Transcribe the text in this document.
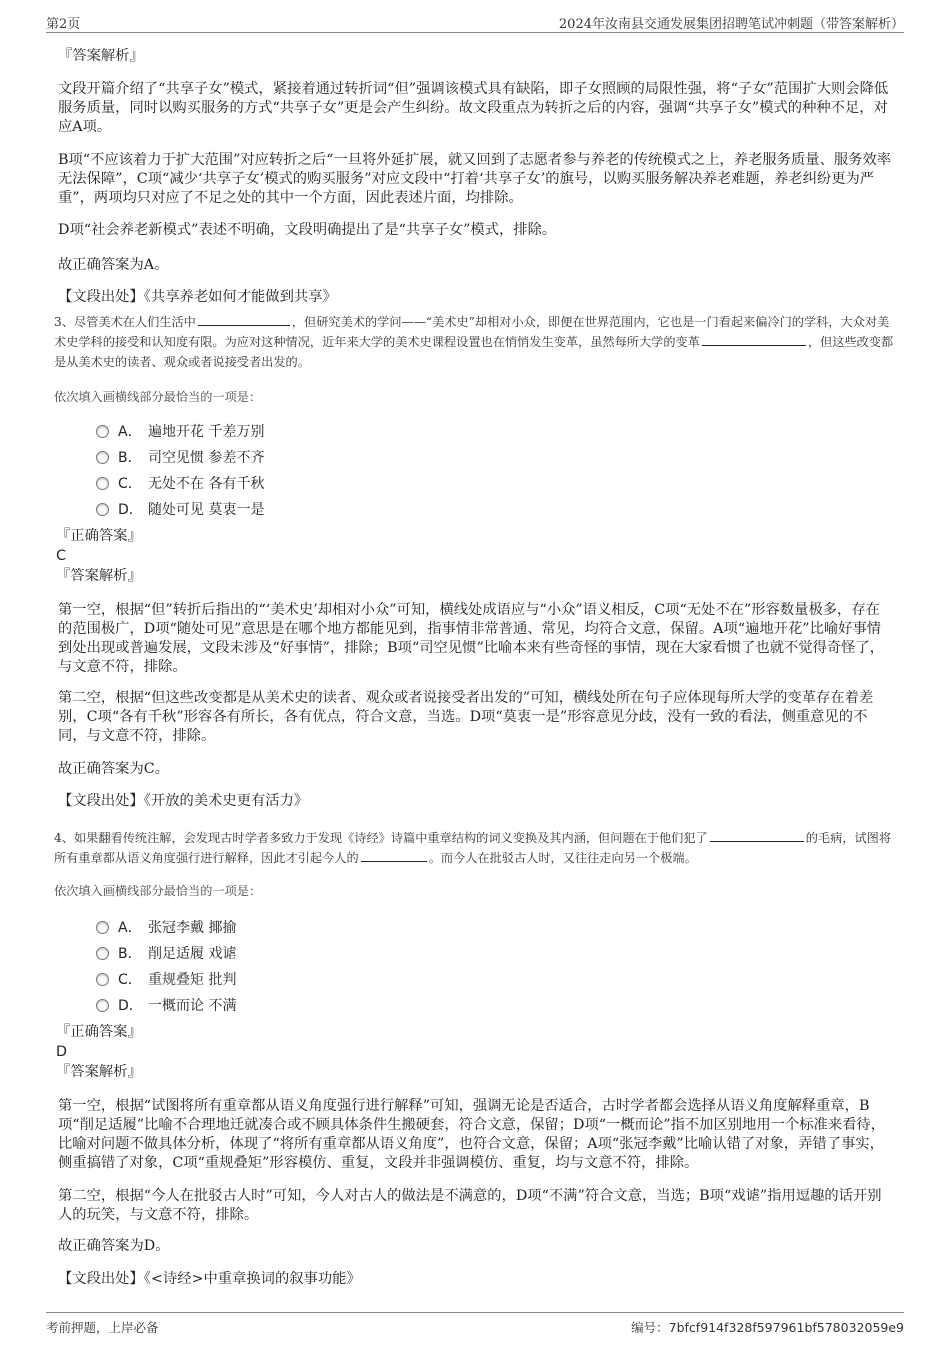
第2页	2024年汝南县交通发展集团招聘笔试冲刺题（带答案解析）
『答案解析』
文段开篇介绍了“共享子女”模式，紧接着通过转折词“但”强调该模式具有缺陷，即子女照顾的局限性强，将“子女”范围扩大则会降低服务质量，同时以购买服务的方式“共享子女”更是会产生纠纷。故文段重点为转折之后的内容，强调“共享子女”模式的种种不足，对应A项。
B项“不应该着力于扩大范围”对应转折之后“一旦将外延扩展，就又回到了志愿者参与养老的传统模式之上，养老服务质量、服务效率无法保障”，C项“减少‘共享子女’模式的购买服务”对应文段中“打着‘共享子女’的旗号，以购买服务解决养老难题，养老纠纷更为严重”，两项均只对应了不足之处的其中一个方面，因此表述片面，均排除。
D项“社会养老新模式”表述不明确，文段明确提出了是“共享子女”模式，排除。
故正确答案为A。
【文段出处】《共享养老如何才能做到共享》
3、尽管美术在人们生活中	，但研究美术的学问——“美术史”却相对小众，即便在世界范围内，它也是一门看起来偏冷门的学科，大众对美术史学科的接受和认知度有限。为应对这种情况，近年来大学的美术史课程设置也在悄悄发生变革，虽然每所大学的变革	，但这些改变都是从美术史的读者、观众或者说接受者出发的。
依次填入画横线部分最恰当的一项是：
A． 遍地开花 千差万别
B． 司空见惯 参差不齐
C． 无处不在 各有千秋
D． 随处可见 莫衷一是
『正确答案』
C
『答案解析』
第一空，根据“但”转折后指出的“‘美术史’却相对小众”可知，横线处成语应与“小众”语义相反，C项“无处不在”形容数量极多，存在的范围极广，D项“随处可见”意思是在哪个地方都能见到，指事情非常普通、常见，均符合文意，保留。A项“遍地开花”比喻好事情到处出现或普遍发展，文段未涉及“好事情”，排除；B项“司空见惯”比喻本来有些奇怪的事情，现在大家看惯了也就不觉得奇怪了，与文意不符，排除。
第二空，根据“但这些改变都是从美术史的读者、观众或者说接受者出发的”可知，横线处所在句子应体现每所大学的变革存在着差别，C项“各有千秋”形容各有所长，各有优点，符合文意，当选。D项“莫衷一是”形容意见分歧，没有一致的看法，侧重意见的不同，与文意不符，排除。
故正确答案为C。
【文段出处】《开放的美术史更有活力》
4、如果翻看传统注解，会发现古时学者多致力于发现《诗经》诗篇中重章结构的词义变换及其内涵，但问题在于他们犯了	的毛病，试图将所有重章都从语义角度强行进行解释，因此才引起今人的	。而今人在批驳古人时，又往往走向另一个极端。
依次填入画横线部分最恰当的一项是：
A． 张冠李戴 揶揄
B． 削足适履 戏谑
C． 重规叠矩 批判
D． 一概而论 不满
『正确答案』
D
『答案解析』
第一空，根据“试图将所有重章都从语义角度强行进行解释”可知，强调无论是否适合，古时学者都会选择从语义角度解释重章，B项“削足适履”比喻不合理地迁就凑合或不顾具体条件生搬硬套，符合文意，保留；D项“一概而论”指不加区别地用一个标准来看待，比喻对问题不做具体分析，体现了“将所有重章都从语义角度”，也符合文意，保留；A项“张冠李戴”比喻认错了对象，弄错了事实，侧重搞错了对象，C项“重规叠矩”形容模仿、重复，文段并非强调模仿、重复，均与文意不符，排除。
第二空，根据“今人在批驳古人时”可知，今人对古人的做法是不满意的，D项“不满”符合文意，当选；B项“戏谑”指用逗趣的话开别人的玩笑，与文意不符，排除。
故正确答案为D。
【文段出处】《<诗经>中重章换词的叙事功能》
考前押题，上岸必备	编号：7bfcf914f328f597961bf578032059e9
